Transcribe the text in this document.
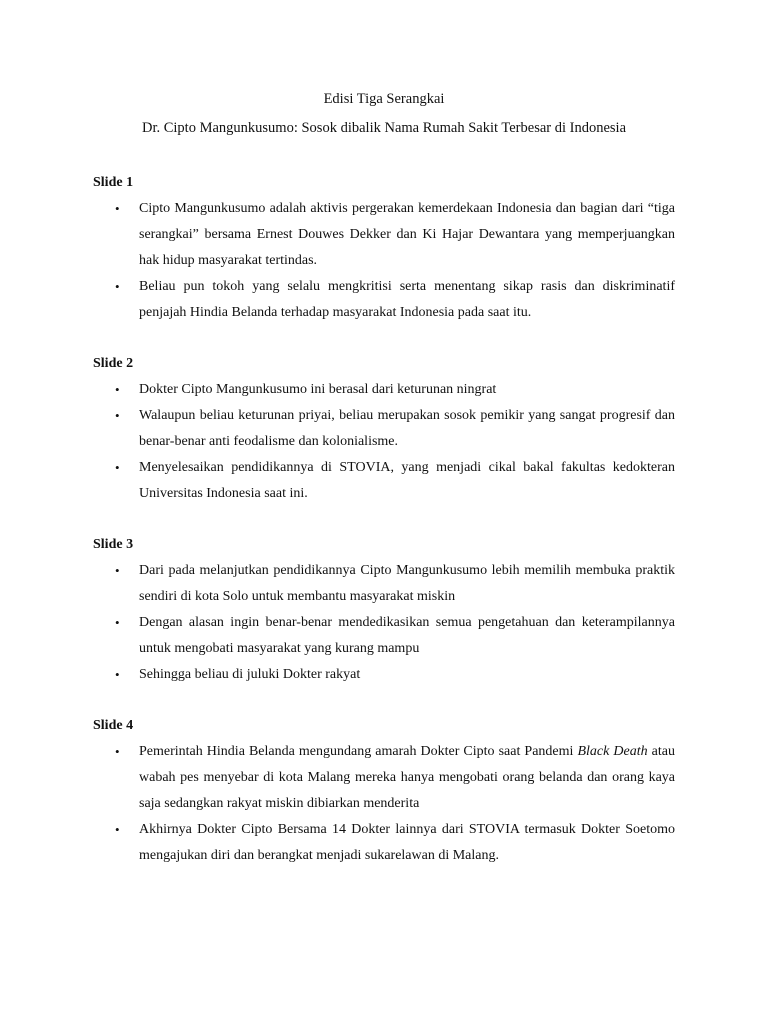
Edisi Tiga Serangkai
Dr. Cipto Mangunkusumo: Sosok dibalik Nama Rumah Sakit Terbesar di Indonesia
Slide 1
• Cipto Mangunkusumo adalah aktivis pergerakan kemerdekaan Indonesia dan bagian dari “tiga serangkai” bersama Ernest Douwes Dekker dan Ki Hajar Dewantara yang memperjuangkan hak hidup masyarakat tertindas.
• Beliau pun tokoh yang selalu mengkritisi serta menentang sikap rasis dan diskriminatif penjajah Hindia Belanda terhadap masyarakat Indonesia pada saat itu.
Slide 2
• Dokter Cipto Mangunkusumo ini berasal dari keturunan ningrat
• Walaupun beliau keturunan priyai, beliau merupakan sosok pemikir yang sangat progresif dan benar-benar anti feodalisme dan kolonialisme.
• Menyelesaikan pendidikannya di STOVIA, yang menjadi cikal bakal fakultas kedokteran Universitas Indonesia saat ini.
Slide 3
• Dari pada melanjutkan pendidikannya Cipto Mangunkusumo lebih memilih membuka praktik sendiri di kota Solo untuk membantu masyarakat miskin
• Dengan alasan ingin benar-benar mendedikasikan semua pengetahuan dan keterampilannya untuk mengobati masyarakat yang kurang mampu
• Sehingga beliau di juluki Dokter rakyat
Slide 4
• Pemerintah Hindia Belanda mengundang amarah Dokter Cipto saat Pandemi Black Death atau wabah pes menyebar di kota Malang mereka hanya mengobati orang belanda dan orang kaya saja sedangkan rakyat miskin dibiarkan menderita
• Akhirnya Dokter Cipto Bersama 14 Dokter lainnya dari STOVIA termasuk Dokter Soetomo mengajukan diri dan berangkat menjadi sukarelawan di Malang.
